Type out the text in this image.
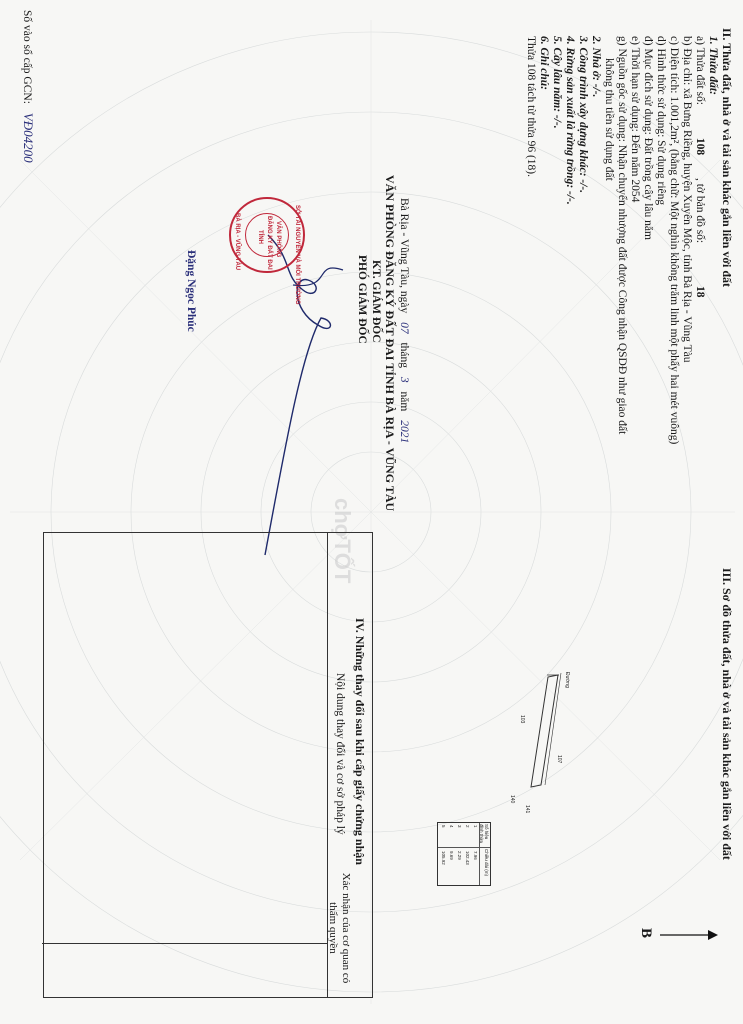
II. Thửa đất, nhà ở và tài sản khác gắn liền với đất
1. Thửa đất:
a) Thửa đất số: 108 , tờ bản đồ số: 18
b) Địa chỉ: xã Bưng Riềng, huyện Xuyên Mộc, tỉnh Bà Rịa - Vũng Tàu
c) Diện tích: 1.001,2m², (bằng chữ: Một nghìn không trăm linh một phẩy hai mét vuông)
d) Hình thức sử dụng: Sử dụng riêng
đ) Mục đích sử dụng: Đất trồng cây lâu năm
e) Thời hạn sử dụng: Đến năm 2054
g) Nguồn gốc sử dụng: Nhận chuyển nhượng đất được Công nhận QSDĐ như giao đất
không thu tiền sử dụng đất
2. Nhà ở: -/-.
3. Công trình xây dựng khác: -/-.
4. Rừng sản xuất là rừng trồng: -/-.
5. Cây lâu năm: -/-.
6. Ghi chú:
Thửa 108 tách từ thửa 96 (18).
Bà Rịa - Vũng Tàu, ngày 07 tháng 3 năm 2021
VĂN PHÒNG ĐĂNG KÝ ĐẤT ĐAI TỈNH BÀ RỊA - VŨNG TÀU
KT. GIÁM ĐỐC
PHÓ GIÁM ĐỐC
Đặng Ngọc Phúc	SỞ TÀI NGUYÊN VÀ MÔI TRƯỜNG
VĂN PHÒNG
ĐĂNG KÝ ĐẤT ĐAI
TỈNH
BÀ RỊA - VŨNG TÀU
Số vào sổ cấp GCN: VĐ04200
III. Sơ đồ thửa đất, nhà ở và tài sản khác gắn liền với đất
Đường
103
107
140
141
Số hiệu đỉnh thửa
Chiều dài (m)
1
7.96
2
102.43
3
2.29
4
9.69
5
105.92
B
chợTỐT
IV. Những thay đổi sau khi cấp giấy chứng nhận
Nội dung thay đổi và cơ sở pháp lý
Xác nhận của cơ quan có thẩm quyền
